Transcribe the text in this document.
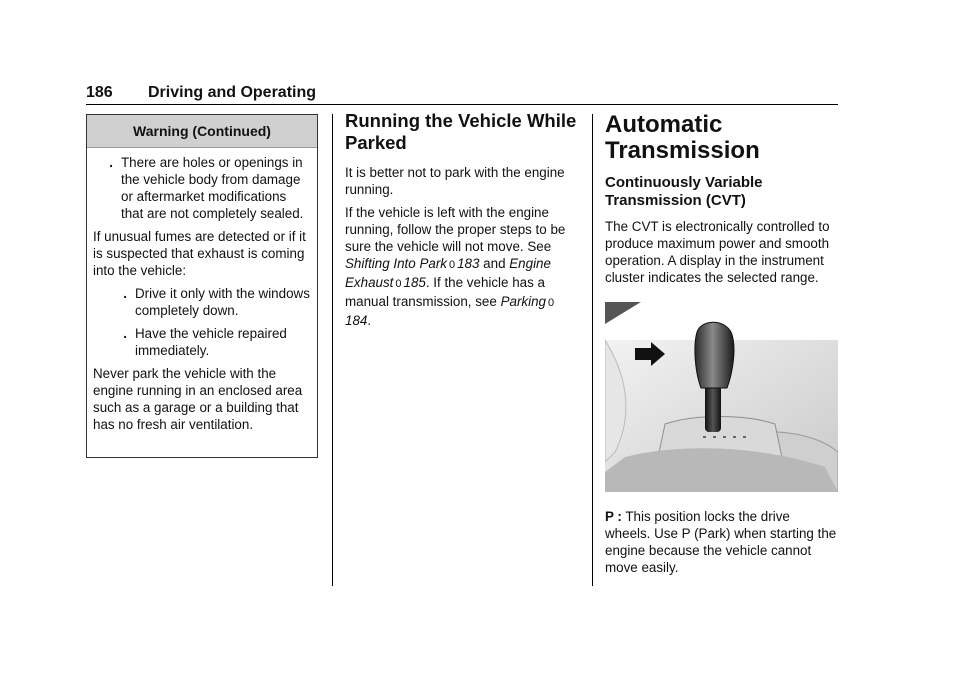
186 Driving and Operating
Warning (Continued)
. There are holes or openings in the vehicle body from damage or aftermarket modifications that are not completely sealed.

If unusual fumes are detected or if it is suspected that exhaust is coming into the vehicle:

. Drive it only with the windows completely down.
. Have the vehicle repaired immediately.

Never park the vehicle with the engine running in an enclosed area such as a garage or a building that has no fresh air ventilation.

Running the Vehicle While Parked

It is better not to park with the engine running.

If the vehicle is left with the engine running, follow the proper steps to be sure the vehicle will not move. See Shifting Into Park 0 183 and Engine Exhaust 0 185. If the vehicle has a manual transmission, see Parking 0184.

Automatic Transmission
Continuously Variable Transmission (CVT)

The CVT is electronically controlled to produce maximum power and smooth operation. A display in the instrument cluster indicates the selected range.

P : This position locks the drive wheels. Use P (Park) when starting the engine because the vehicle cannot move easily.
